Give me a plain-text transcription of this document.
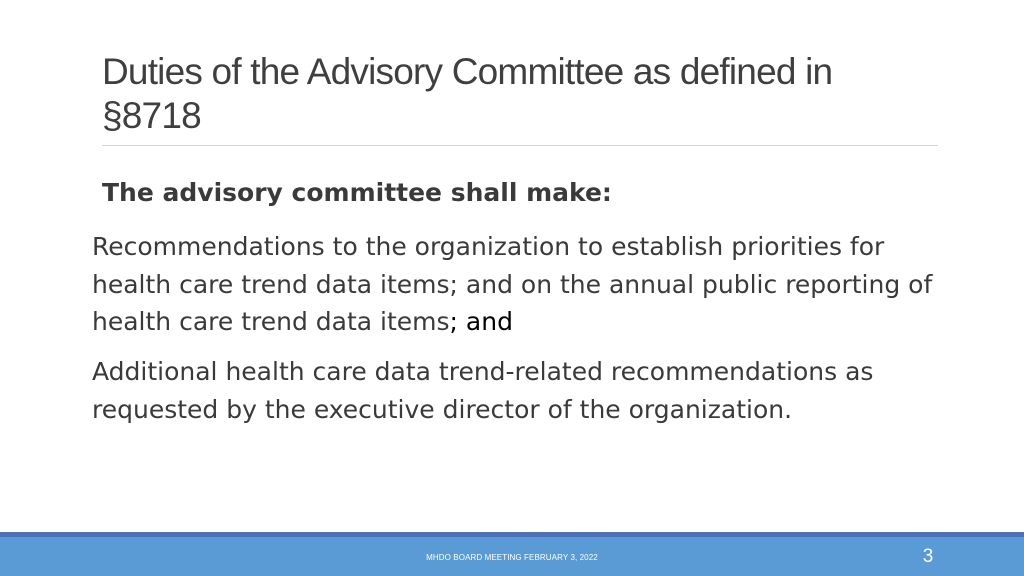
Duties of the Advisory Committee as defined in
§8718
The advisory committee shall make:
Recommendations to the organization to establish priorities for health care trend data items; and on the annual public reporting of health care trend data items; and
Additional health care data trend-related recommendations as requested by the executive director of the organization.
MHDO BOARD MEETING FEBRUARY 3, 2022	3
